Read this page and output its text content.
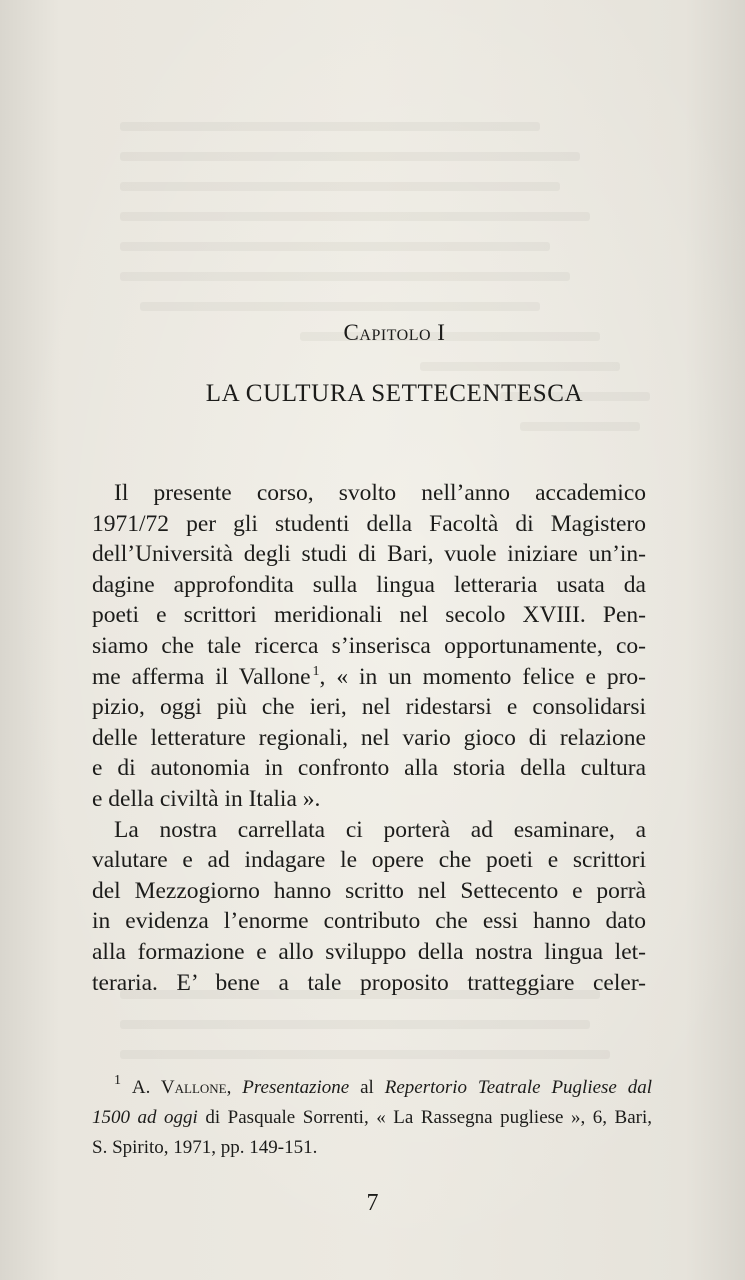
Capitolo I
LA CULTURA SETTECENTESCA
Il presente corso, svolto nell’anno accademico
1971/72 per gli studenti della Facoltà di Magistero
dell’Università degli studi di Bari, vuole iniziare un’in-
dagine approfondita sulla lingua letteraria usata da
poeti e scrittori meridionali nel secolo XVIII. Pen-
siamo che tale ricerca s’inserisca opportunamente, co-
me afferma il Vallone  $^1$, « in un momento felice e pro-
pizio, oggi più che ieri, nel ridestarsi e consolidarsi
delle letterature regionali, nel vario gioco di relazione
e di autonomia in confronto alla storia della cultura
e della civiltà in Italia ».
La nostra carrellata ci porterà ad esaminare, a
valutare e ad indagare le opere che poeti e scrittori
del Mezzogiorno hanno scritto nel Settecento e porrà
in evidenza l’enorme contributo che essi hanno dato
alla formazione e allo sviluppo della nostra lingua let-
teraria. E’ bene a tale proposito tratteggiare celer-
$^1$ A. Vallone, Presentazione al Repertorio Teatrale Pugliese dal
1500 ad oggi di Pasquale Sorrenti, « La Rassegna pugliese », 6, Bari,
S. Spirito, 1971, pp. 149-151.
7
